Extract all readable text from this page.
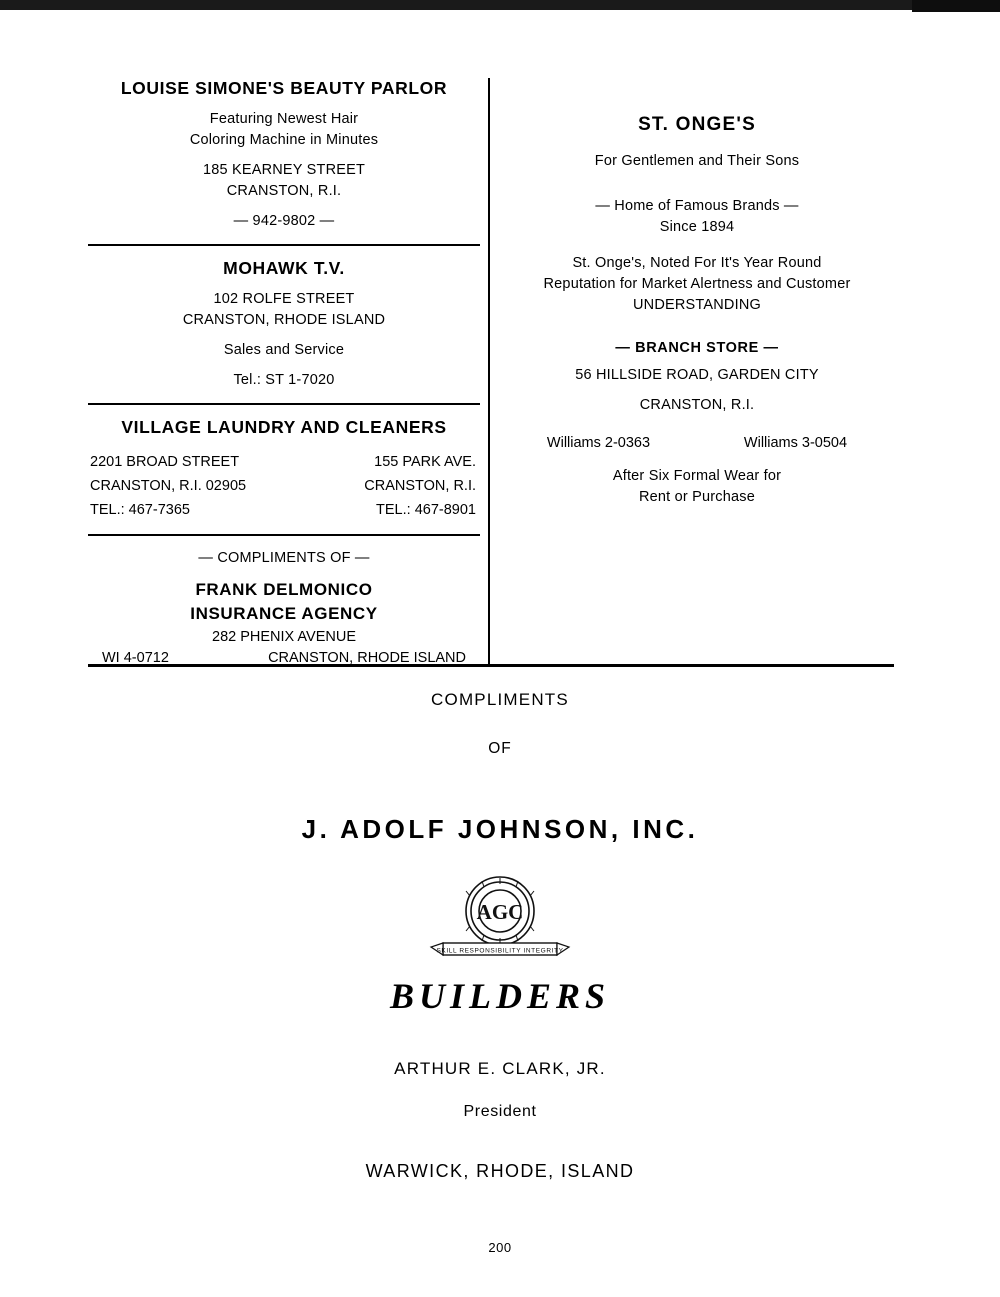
LOUISE SIMONE'S BEAUTY PARLOR
Featuring Newest Hair
Coloring Machine in Minutes
185 KEARNEY STREET
CRANSTON, R.I.
— 942-9802 —
MOHAWK T.V.
102 ROLFE STREET
CRANSTON, RHODE ISLAND
Sales and Service
Tel.: ST 1-7020
VILLAGE LAUNDRY AND CLEANERS
2201 BROAD STREET
CRANSTON, R.I. 02905
TEL.: 467-7365
155 PARK AVE.
CRANSTON, R.I.
TEL.: 467-8901
— COMPLIMENTS OF —
FRANK DELMONICO
INSURANCE AGENCY
282 PHENIX AVENUE
WI 4-0712	CRANSTON, RHODE ISLAND
ST. ONGE'S
For Gentlemen and Their Sons
— Home of Famous Brands —
Since 1894
St. Onge's, Noted For It's Year Round
Reputation for Market Alertness and Customer
UNDERSTANDING
— BRANCH STORE —
56 HILLSIDE ROAD, GARDEN CITY
CRANSTON, R.I.
Williams 2-0363	Williams 3-0504
After Six Formal Wear for
Rent or Purchase
COMPLIMENTS
OF
J. ADOLF JOHNSON, INC.
AGC
SKILL RESPONSIBILITY INTEGRITY
BUILDERS
ARTHUR E. CLARK, JR.
President
WARWICK, RHODE, ISLAND
200
